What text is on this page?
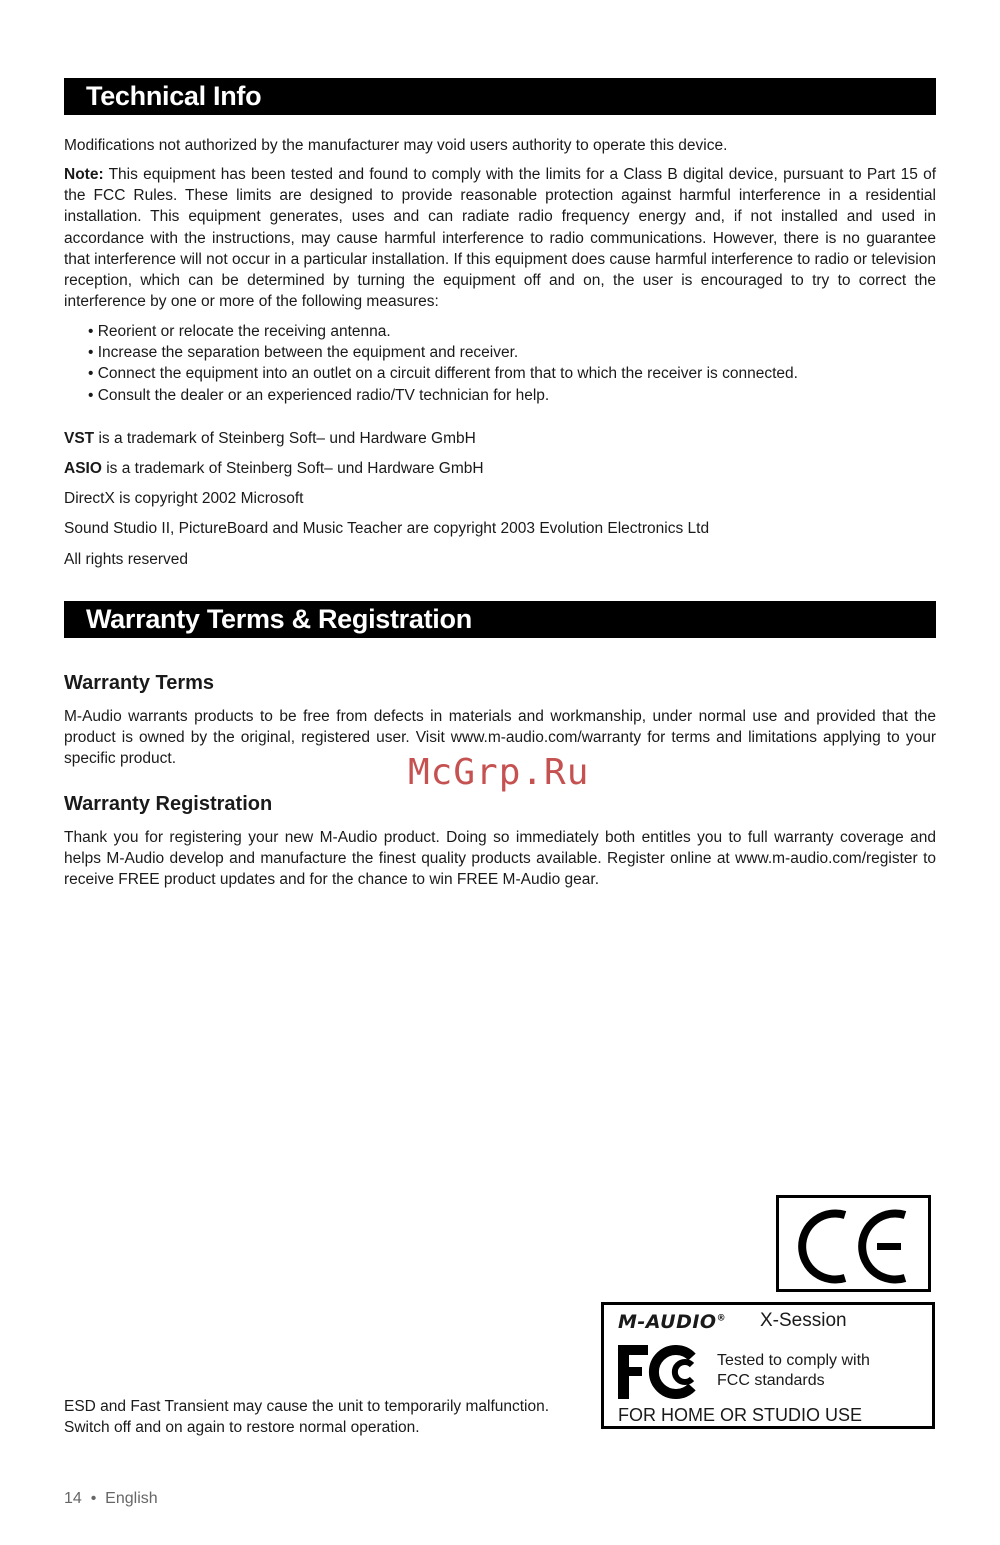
Technical Info

Modifications not authorized by the manufacturer may void users authority to operate this device.

Note: This equipment has been tested and found to comply with the limits for a Class B digital device, pursuant to Part 15 of the FCC Rules. These limits are designed to provide reasonable protection against harmful interference in a residential installation. This equipment generates, uses and can radiate radio frequency energy and, if not installed and used in accordance with the instructions, may cause harmful interference to radio communications. However, there is no guarantee that interference will not occur in a particular installation. If this equipment does cause harmful interference to radio or television reception, which can be determined by turning the equipment off and on, the user is encouraged to try to correct the interference by one or more of the following measures:

• Reorient or relocate the receiving antenna.
• Increase the separation between the equipment and receiver.
• Connect the equipment into an outlet on a circuit different from that to which the receiver is connected.
• Consult the dealer or an experienced radio/TV technician for help.

VST is a trademark of Steinberg Soft– und Hardware GmbH

ASIO is a trademark of Steinberg Soft– und Hardware GmbH

DirectX is copyright 2002 Microsoft

Sound Studio II, PictureBoard and Music Teacher are copyright 2003 Evolution Electronics Ltd

All rights reserved

Warranty Terms & Registration
Warranty Terms

M-Audio warrants products to be free from defects in materials and workmanship, under normal use and provided that the product is owned by the original, registered user. Visit www.m-audio.com/warranty for terms and limitations applying to your specific product.

Warranty Registration

Thank you for registering your new M-Audio product. Doing so immediately both entitles you to full warranty coverage and helps M-Audio develop and manufacture the finest quality products available. Register online at www.m-audio.com/register to receive FREE product updates and for the chance to win FREE M-Audio gear.

McGrp.Ru

ESD and Fast Transient may cause the unit to temporarily malfunction.

Switch off and on again to restore normal operation.

M-AUDIO® X-Session
Tested to comply with
FCC standards
FOR HOME OR STUDIO USE
14  •  English
